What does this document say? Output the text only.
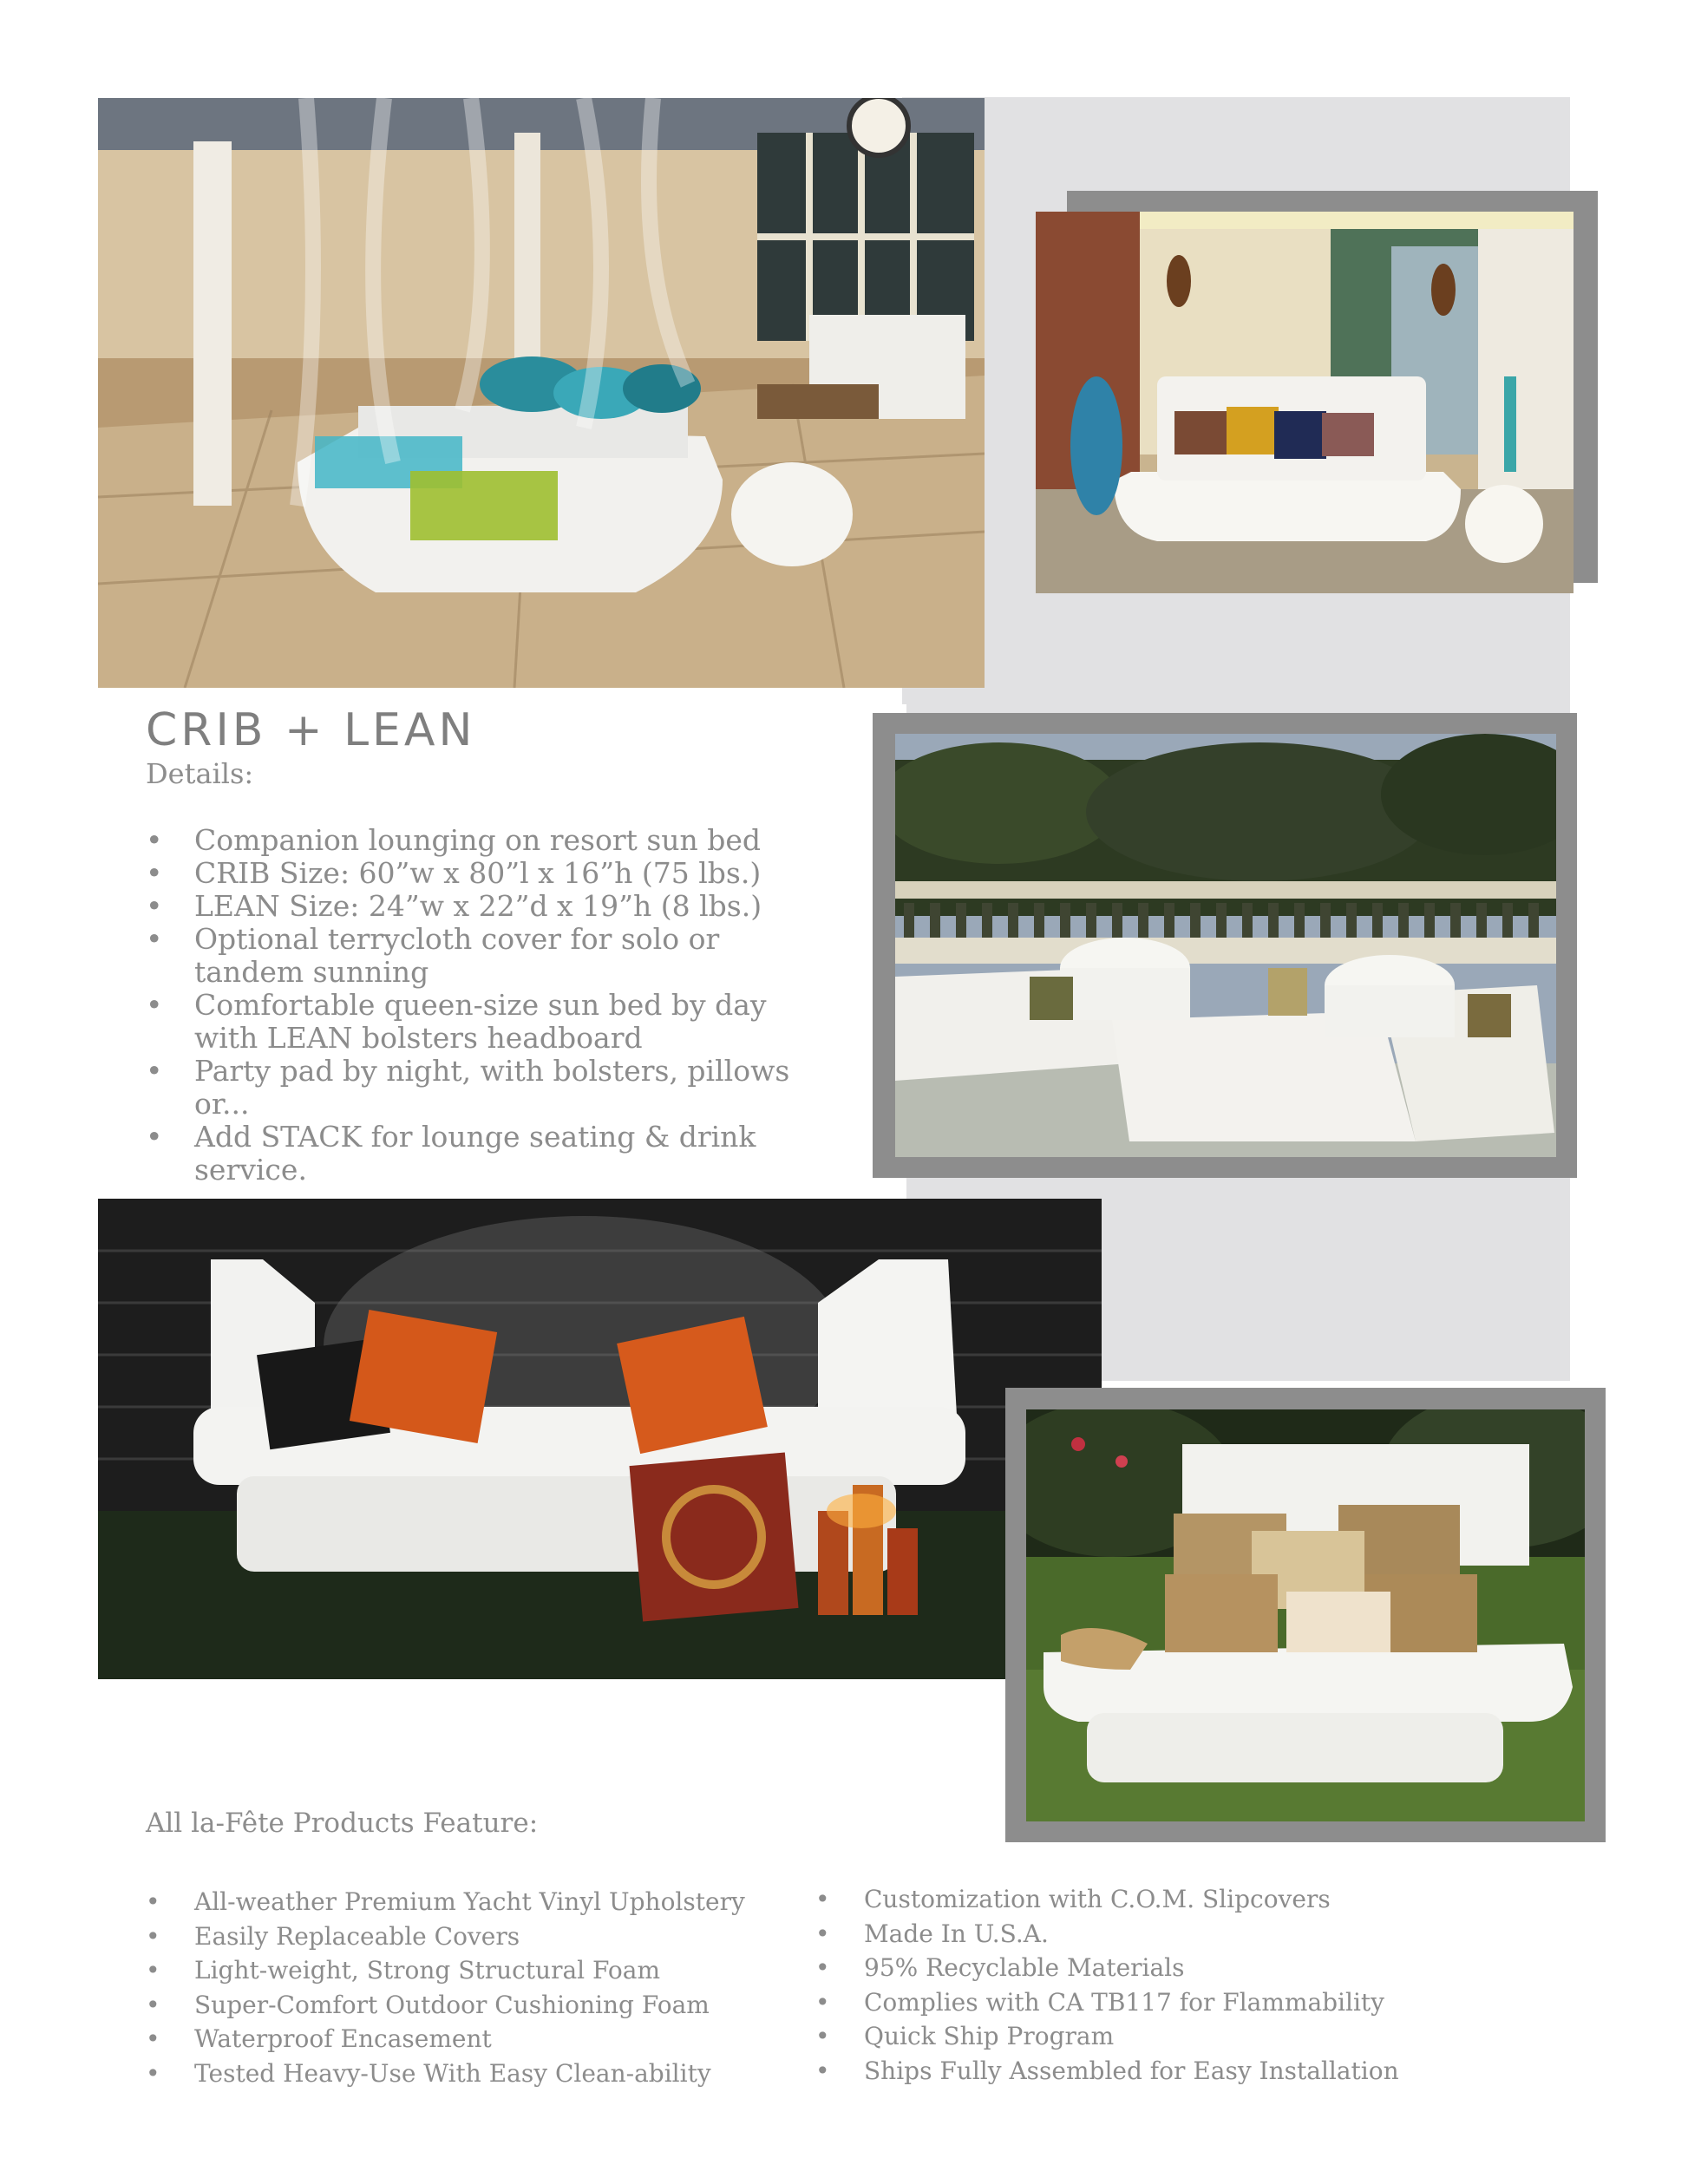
CRIB + LEAN
Details:
• Companion lounging on resort sun bed
• CRIB Size: 60”w x 80”l x 16”h (75 lbs.)
• LEAN Size: 24”w x 22”d x 19”h (8 lbs.)
• Optional terrycloth cover for solo or tandem sunning
• Comfortable queen-size sun bed by day with LEAN bolsters headboard
• Party pad by night, with bolsters, pillows or...
• Add STACK for lounge seating & drink service.
All la-Fête Products Feature:
• All-weather Premium Yacht Vinyl Upholstery
• Easily Replaceable Covers
• Light-weight, Strong Structural Foam
• Super-Comfort Outdoor Cushioning Foam
• Waterproof Encasement
• Tested Heavy-Use With Easy Clean-ability
• Customization with C.O.M. Slipcovers
• Made In U.S.A.
• 95% Recyclable Materials
• Complies with CA TB117 for Flammability
• Quick Ship Program
• Ships Fully Assembled for Easy Installation
